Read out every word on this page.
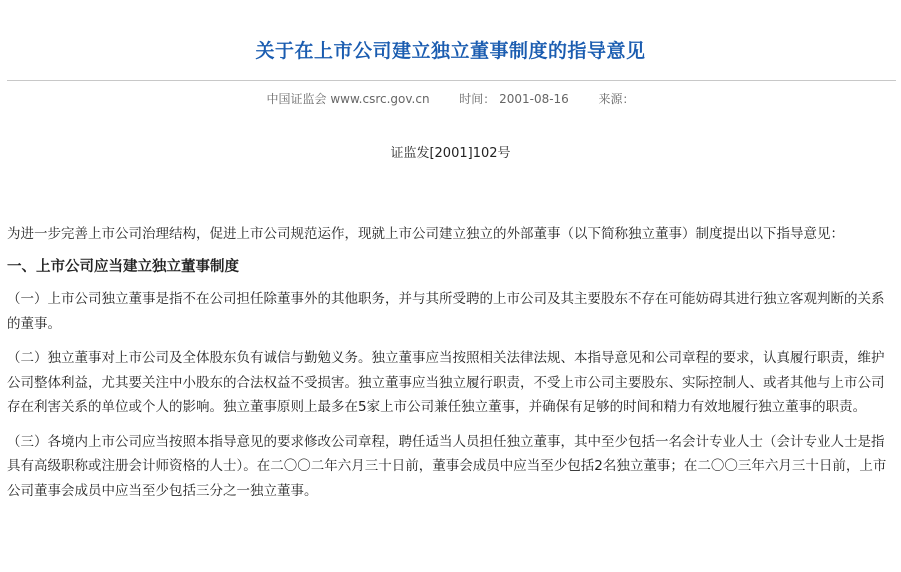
关于在上市公司建立独立董事制度的指导意见
中国证监会 www.csrc.gov.cn 时间： 2001-08-16 来源：
证监发[2001]102号

为进一步完善上市公司治理结构，促进上市公司规范运作，现就上市公司建立独立的外部董事（以下简称独立董事）制度提出以下指导意见：

一、上市公司应当建立独立董事制度

（一）上市公司独立董事是指不在公司担任除董事外的其他职务，并与其所受聘的上市公司及其主要股东不存在可能妨碍其进行独立客观判断的关系的董事。

（二）独立董事对上市公司及全体股东负有诚信与勤勉义务。独立董事应当按照相关法律法规、本指导意见和公司章程的要求，认真履行职责，维护公司整体利益，尤其要关注中小股东的合法权益不受损害。独立董事应当独立履行职责，不受上市公司主要股东、实际控制人、或者其他与上市公司存在利害关系的单位或个人的影响。独立董事原则上最多在5家上市公司兼任独立董事，并确保有足够的时间和精力有效地履行独立董事的职责。

（三）各境内上市公司应当按照本指导意见的要求修改公司章程，聘任适当人员担任独立董事，其中至少包括一名会计专业人士（会计专业人士是指具有高级职称或注册会计师资格的人士）。在二〇〇二年六月三十日前，董事会成员中应当至少包括2名独立董事；在二〇〇三年六月三十日前，上市公司董事会成员中应当至少包括三分之一独立董事。
